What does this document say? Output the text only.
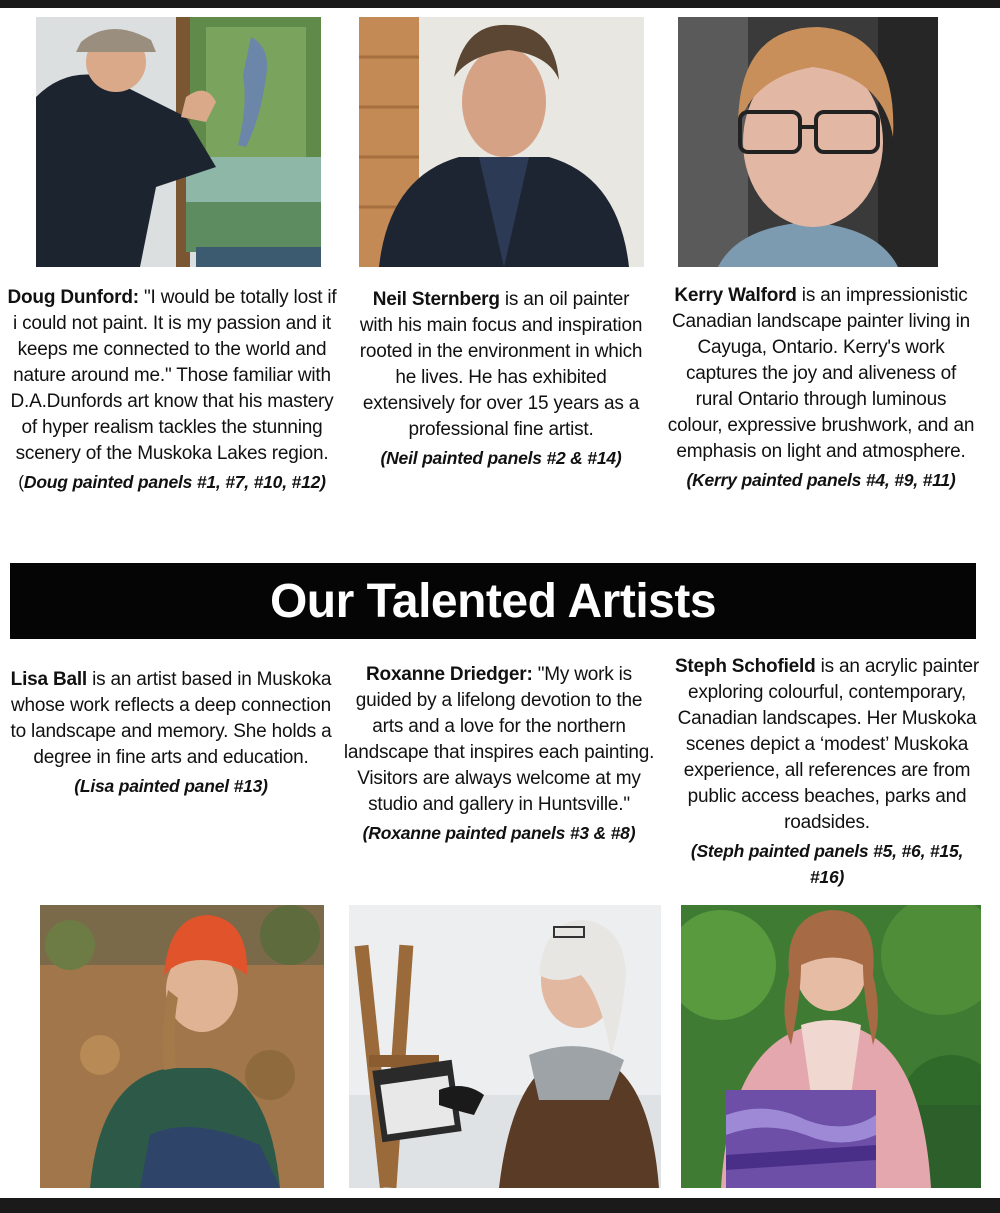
Doug Dunford: "I would be totally lost if i could not paint. It is my passion and it keeps me connected to the world and nature around me." Those familiar with D.A.Dunfords art know that his mastery of hyper realism tackles the stunning scenery of the Muskoka Lakes region.
(Doug painted panels #1, #7, #10, #12)
Neil Sternberg is an oil painter with his main focus and inspiration rooted in the environment in which he lives. He has exhibited extensively for over 15 years as a professional fine artist.
(Neil painted panels #2 & #14)
Kerry Walford is an impressionistic Canadian landscape painter living in Cayuga, Ontario. Kerry's work captures the joy and aliveness of rural Ontario through luminous colour, expressive brushwork, and an emphasis on light and atmosphere.
(Kerry painted panels #4, #9, #11)
Our Talented Artists
Lisa Ball is an artist based in Muskoka whose work reflects a deep connection to landscape and memory. She holds a degree in fine arts and education.
(Lisa painted panel #13)
Roxanne Driedger: "My work is guided by a lifelong devotion to the arts and a love for the northern landscape that inspires each painting. Visitors are always welcome at my studio and gallery in Huntsville."
(Roxanne painted panels #3 & #8)
Steph Schofield is an acrylic painter exploring colourful, contemporary, Canadian landscapes. Her Muskoka scenes depict a ‘modest’ Muskoka experience, all references are from public access beaches, parks and roadsides.
(Steph painted panels #5, #6, #15, #16)
